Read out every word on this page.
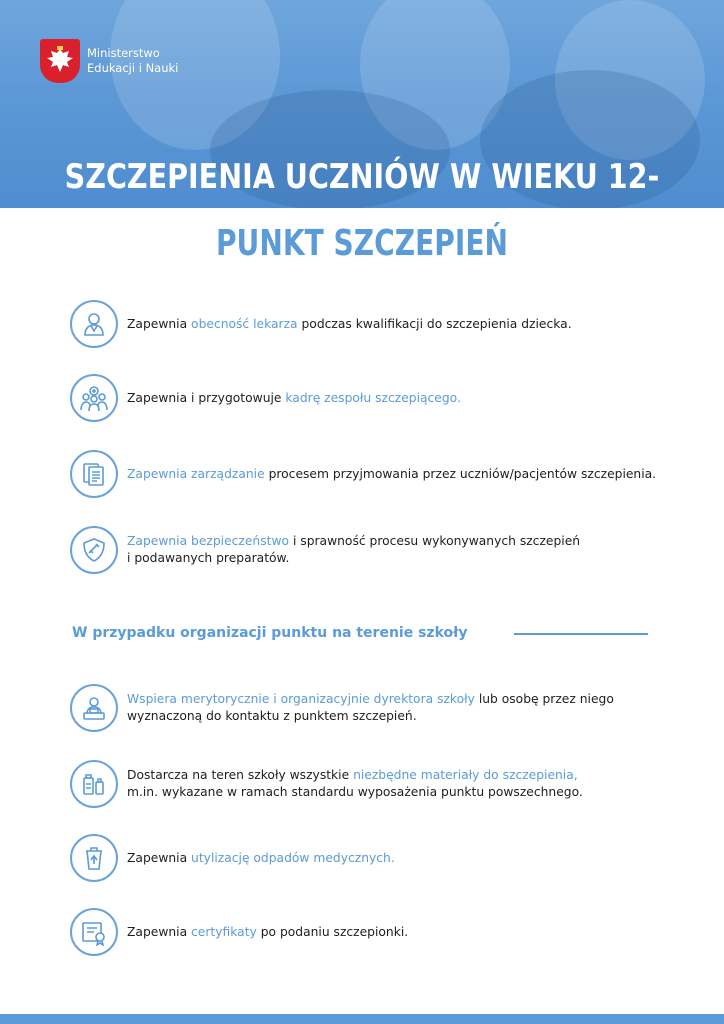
Ministerstwo
Edukacji i Nauki
SZCZEPIENIA UCZNIÓW W WIEKU 12-
PUNKT SZCZEPIEŃ
Zapewnia obecność lekarza podczas kwalifikacji do szczepienia dziecka.
Zapewnia i przygotowuje kadrę zespołu szczepiącego.
Zapewnia zarządzanie procesem przyjmowania przez uczniów/pacjentów szczepienia.
Zapewnia bezpieczeństwo i sprawność procesu wykonywanych szczepień
i podawanych preparatów.
W przypadku organizacji punktu na terenie szkoły
Wspiera merytorycznie i organizacyjnie dyrektora szkoły lub osobę przez niego
wyznaczoną do kontaktu z punktem szczepień.
Dostarcza na teren szkoły wszystkie niezbędne materiały do szczepienia,
m.in. wykazane w ramach standardu wyposażenia punktu powszechnego.
Zapewnia utylizację odpadów medycznych.
Zapewnia certyfikaty po podaniu szczepionki.
